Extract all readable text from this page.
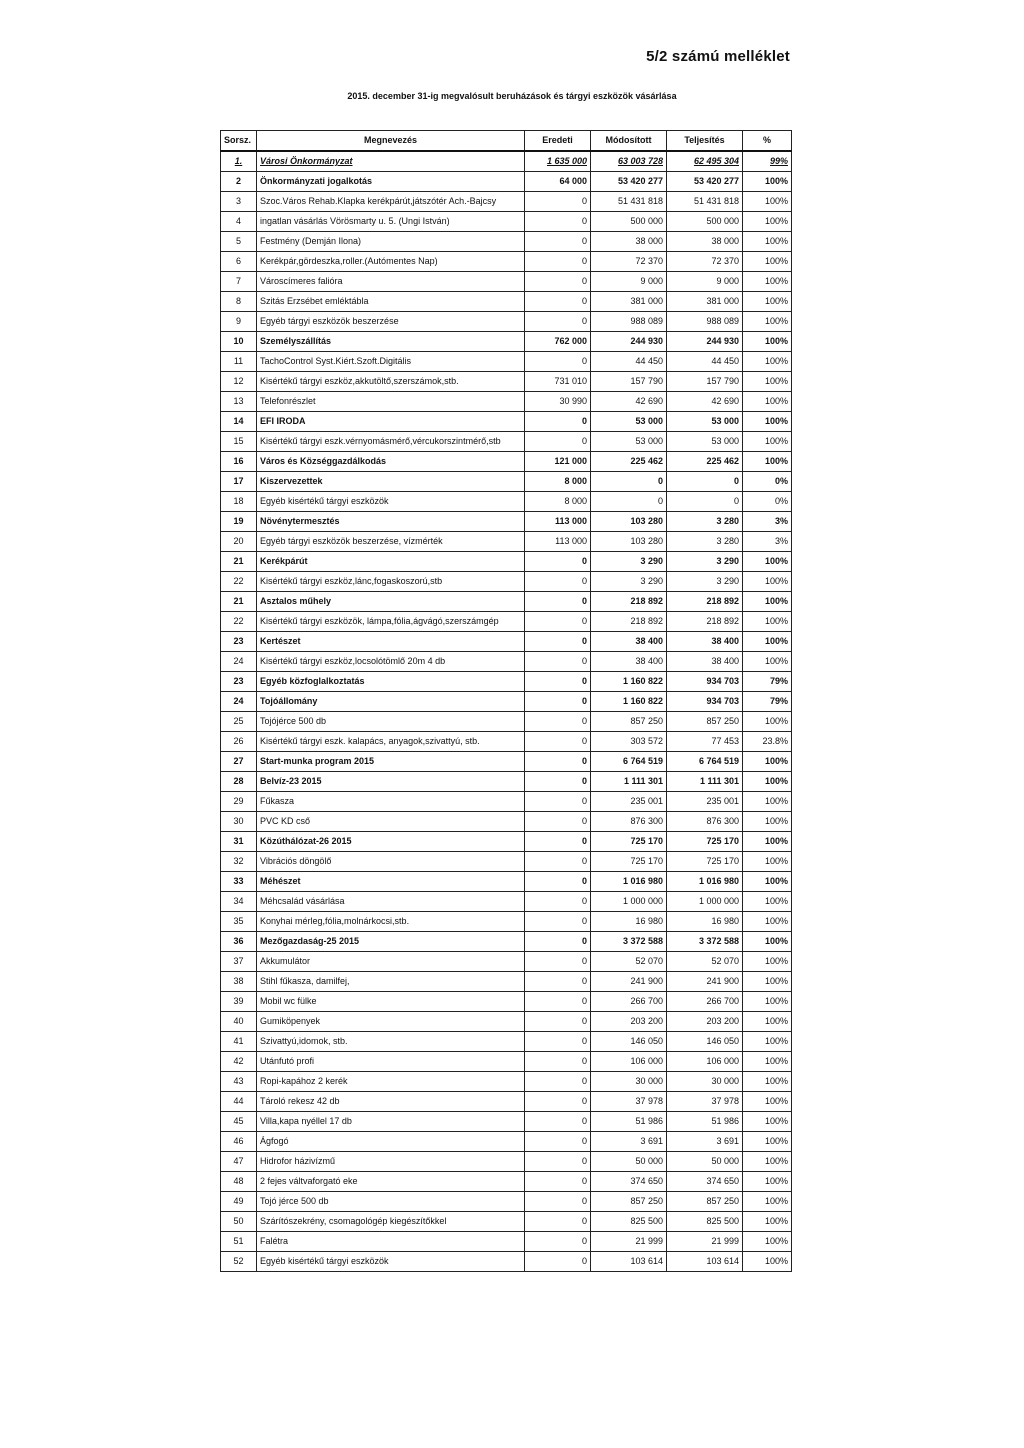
5/2 számú melléklet
2015. december 31-ig megvalósult beruházások és tárgyi eszközök vásárlása
Sorsz.	Megnevezés	Eredeti	Módosított	Teljesítés	%
1.	Városi Önkormányzat	1 635 000	63 003 728	62 495 304	99%
2	Önkormányzati jogalkotás	64 000	53 420 277	53 420 277	100%
3	Szoc.Város Rehab.Klapka kerékpárút,játszótér Ach.-Bajcsy	0	51 431 818	51 431 818	100%
4	ingatlan vásárlás Vörösmarty u. 5. (Ungi István)	0	500 000	500 000	100%
5	Festmény (Demján Ilona)	0	38 000	38 000	100%
6	Kerékpár,gördeszka,roller.(Autómentes Nap)	0	72 370	72 370	100%
7	Városcímeres falióra	0	9 000	9 000	100%
8	Szitás Erzsébet emléktábla	0	381 000	381 000	100%
9	Egyéb tárgyi eszközök beszerzése	0	988 089	988 089	100%
10	Személyszállítás	762 000	244 930	244 930	100%
11	TachoControl Syst.Kiért.Szoft.Digitális	0	44 450	44 450	100%
12	Kisértékű tárgyi eszköz,akkutöltő,szerszámok,stb.	731 010	157 790	157 790	100%
13	Telefonrészlet	30 990	42 690	42 690	100%
14	EFI IRODA	0	53 000	53 000	100%
15	Kisértékű tárgyi eszk.vérnyomásmérő,vércukorszintmérő,stb	0	53 000	53 000	100%
16	Város és Községgazdálkodás	121 000	225 462	225 462	100%
17	Kiszervezettek	8 000	0	0	0%
18	Egyéb kisértékű tárgyi eszközök	8 000	0	0	0%
19	Növénytermesztés	113 000	103 280	3 280	3%
20	Egyéb tárgyi eszközök beszerzése, vízmérték	113 000	103 280	3 280	3%
21	Kerékpárút	0	3 290	3 290	100%
22	Kisértékű tárgyi eszköz,lánc,fogaskoszorú,stb	0	3 290	3 290	100%
21	Asztalos műhely	0	218 892	218 892	100%
22	Kisértékű tárgyi eszközök, lámpa,fólia,ágvágó,szerszámgép	0	218 892	218 892	100%
23	Kertészet	0	38 400	38 400	100%
24	Kisértékű tárgyi eszköz,locsolótömlő 20m 4 db	0	38 400	38 400	100%
23	Egyéb közfoglalkoztatás	0	1 160 822	934 703	79%
24	Tojóállomány	0	1 160 822	934 703	79%
25	Tojójérce 500 db	0	857 250	857 250	100%
26	Kisértékű tárgyi eszk. kalapács, anyagok,szivattyú, stb.	0	303 572	77 453	23.8%
27	Start-munka program 2015	0	6 764 519	6 764 519	100%
28	Belvíz-23 2015	0	1 111 301	1 111 301	100%
29	Fűkasza	0	235 001	235 001	100%
30	PVC KD cső	0	876 300	876 300	100%
31	Közúthálózat-26 2015	0	725 170	725 170	100%
32	Vibrációs döngölő	0	725 170	725 170	100%
33	Méhészet	0	1 016 980	1 016 980	100%
34	Méhcsalád vásárlása	0	1 000 000	1 000 000	100%
35	Konyhai mérleg,fólia,molnárkocsi,stb.	0	16 980	16 980	100%
36	Mezőgazdaság-25 2015	0	3 372 588	3 372 588	100%
37	Akkumulátor	0	52 070	52 070	100%
38	Stihl fűkasza, damilfej,	0	241 900	241 900	100%
39	Mobil wc fülke	0	266 700	266 700	100%
40	Gumiköpenyek	0	203 200	203 200	100%
41	Szivattyú,idomok, stb.	0	146 050	146 050	100%
42	Utánfutó profi	0	106 000	106 000	100%
43	Ropi-kapához 2 kerék	0	30 000	30 000	100%
44	Tároló rekesz 42 db	0	37 978	37 978	100%
45	Villa,kapa nyéllel 17 db	0	51 986	51 986	100%
46	Ágfogó	0	3 691	3 691	100%
47	Hidrofor házivízmű	0	50 000	50 000	100%
48	2 fejes váltvaforgató eke	0	374 650	374 650	100%
49	Tojó jérce 500 db	0	857 250	857 250	100%
50	Szárítószekrény, csomagológép kiegészítőkkel	0	825 500	825 500	100%
51	Falétra	0	21 999	21 999	100%
52	Egyéb kisértékű tárgyi eszközök	0	103 614	103 614	100%
